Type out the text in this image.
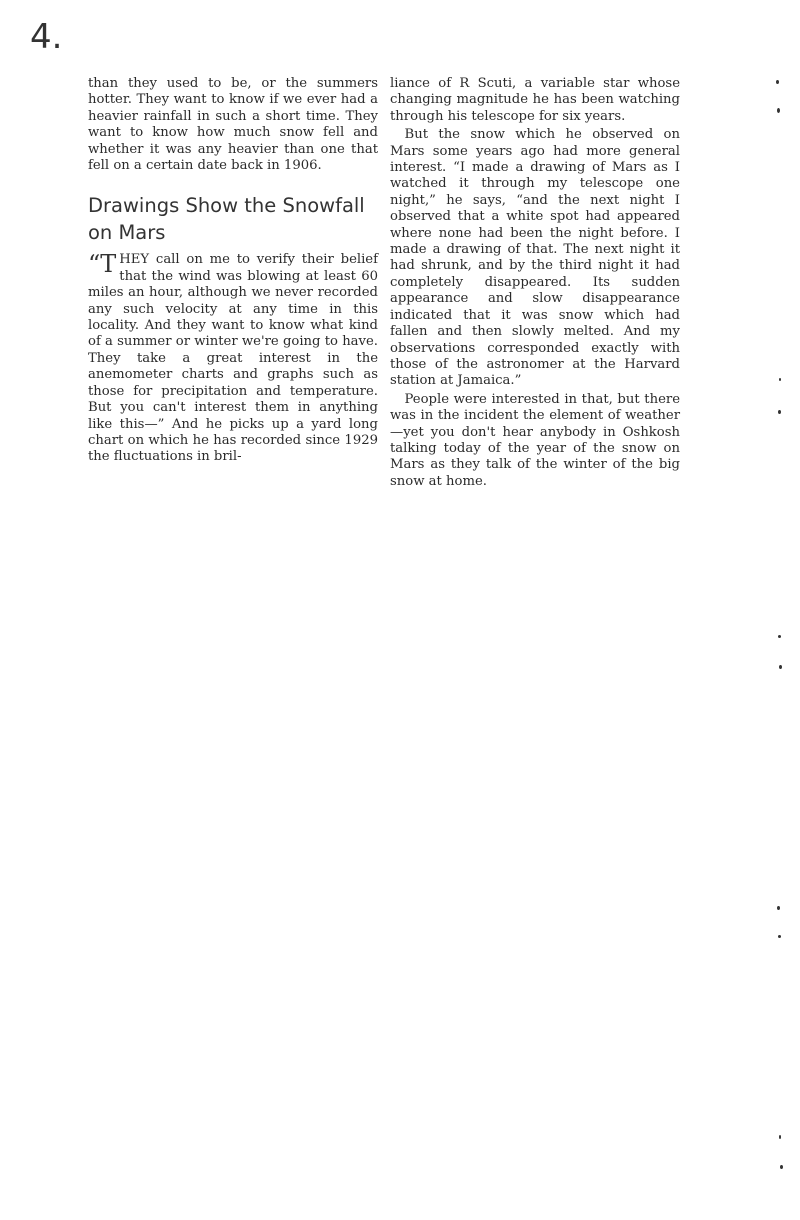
4.

than they used to be, or the summers hotter. They want to know if we ever had a heavier rainfall in such a short time. They want to know how much snow fell and whether it was any heavier than one that fell on a certain date back in 1906.

Drawings Show the Snowfall on Mars

“T HEY call on me to verify their belief that the wind was blowing at least 60 miles an hour, although we never recorded any such velocity at any time in this locality. And they want to know what kind of a summer or winter we're going to have. They take a great interest in the anemometer charts and graphs such as those for precipitation and temperature. But you can't interest them in anything like this—” And he picks up a yard long chart on which he has recorded since 1929 the fluctuations in bril-

liance of R Scuti, a variable star whose changing magnitude he has been watching through his telescope for six years.

But the snow which he observed on Mars some years ago had more general interest. “I made a drawing of Mars as I watched it through my telescope one night,” he says, “and the next night I observed that a white spot had appeared where none had been the night before. I made a drawing of that. The next night it had shrunk, and by the third night it had completely disappeared. Its sudden appearance and slow disappearance indicated that it was snow which had fallen and then slowly melted. And my observations corresponded exactly with those of the astronomer at the Harvard station at Jamaica.”

People were interested in that, but there was in the incident the element of weather—yet you don't hear anybody in Oshkosh talking today of the year of the snow on Mars as they talk of the winter of the big snow at home.
